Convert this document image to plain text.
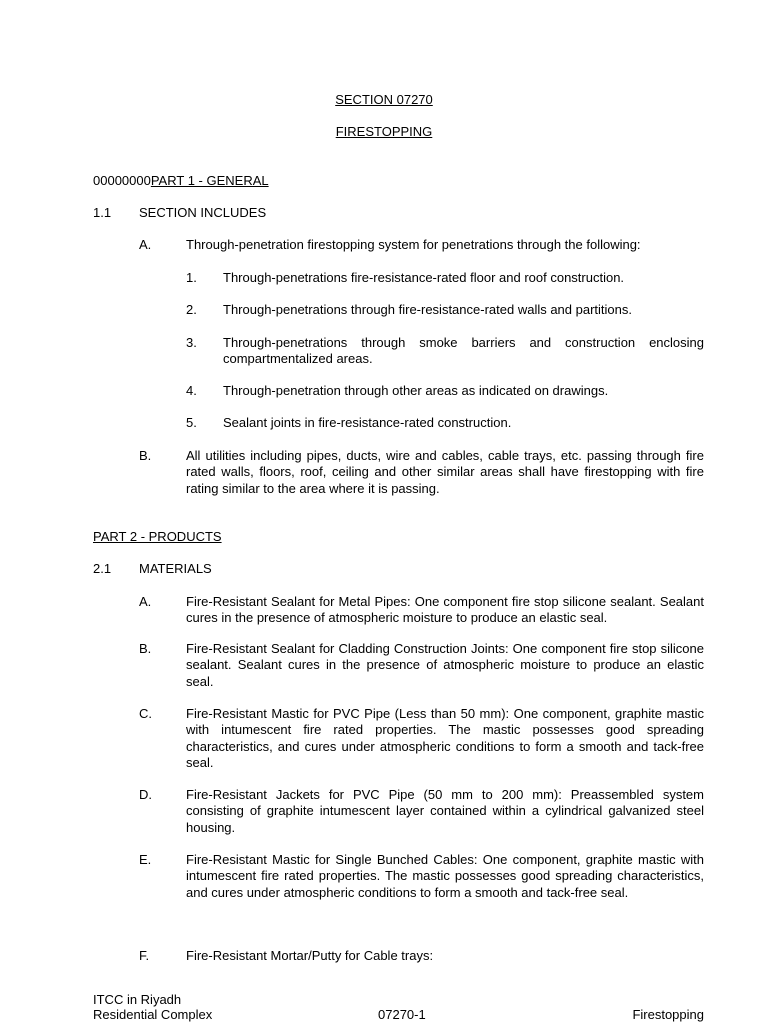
SECTION 07270
FIRESTOPPING
00000000PART 1 - GENERAL
1.1 SECTION INCLUDES
A.	Through-penetration firestopping system for penetrations through the following:
1. Through-penetrations fire-resistance-rated floor and roof construction.
2. Through-penetrations through fire-resistance-rated walls and partitions.
3. Through-penetrations through smoke barriers and construction enclosing compartmentalized areas.
4. Through-penetration through other areas as indicated on drawings.
5. Sealant joints in fire-resistance-rated construction.
B.	All utilities including pipes, ducts, wire and cables, cable trays, etc. passing through fire rated walls, floors, roof, ceiling and other similar areas shall have firestopping with fire rating similar to the area where it is passing.
PART 2 - PRODUCTS
2.1 MATERIALS
A.	Fire-Resistant Sealant for Metal Pipes: One component fire stop silicone sealant. Sealant cures in the presence of atmospheric moisture to produce an elastic seal.
B.	Fire-Resistant Sealant for Cladding Construction Joints: One component fire stop silicone sealant. Sealant cures in the presence of atmospheric moisture to produce an elastic seal.
C.	Fire-Resistant Mastic for PVC Pipe (Less than 50 mm): One component, graphite mastic with intumescent fire rated properties. The mastic possesses good spreading characteristics, and cures under atmospheric conditions to form a smooth and tack-free seal.
D.	Fire-Resistant Jackets for PVC Pipe (50 mm to 200 mm): Preassembled system consisting of graphite intumescent layer contained within a cylindrical galvanized steel housing.
E.	Fire-Resistant Mastic for Single Bunched Cables: One component, graphite mastic with intumescent fire rated properties. The mastic possesses good spreading characteristics, and cures under atmospheric conditions to form a smooth and tack-free seal.
F.	Fire-Resistant Mortar/Putty for Cable trays:
ITCC in Riyadh
Residential Complex	07270-1	Firestopping
